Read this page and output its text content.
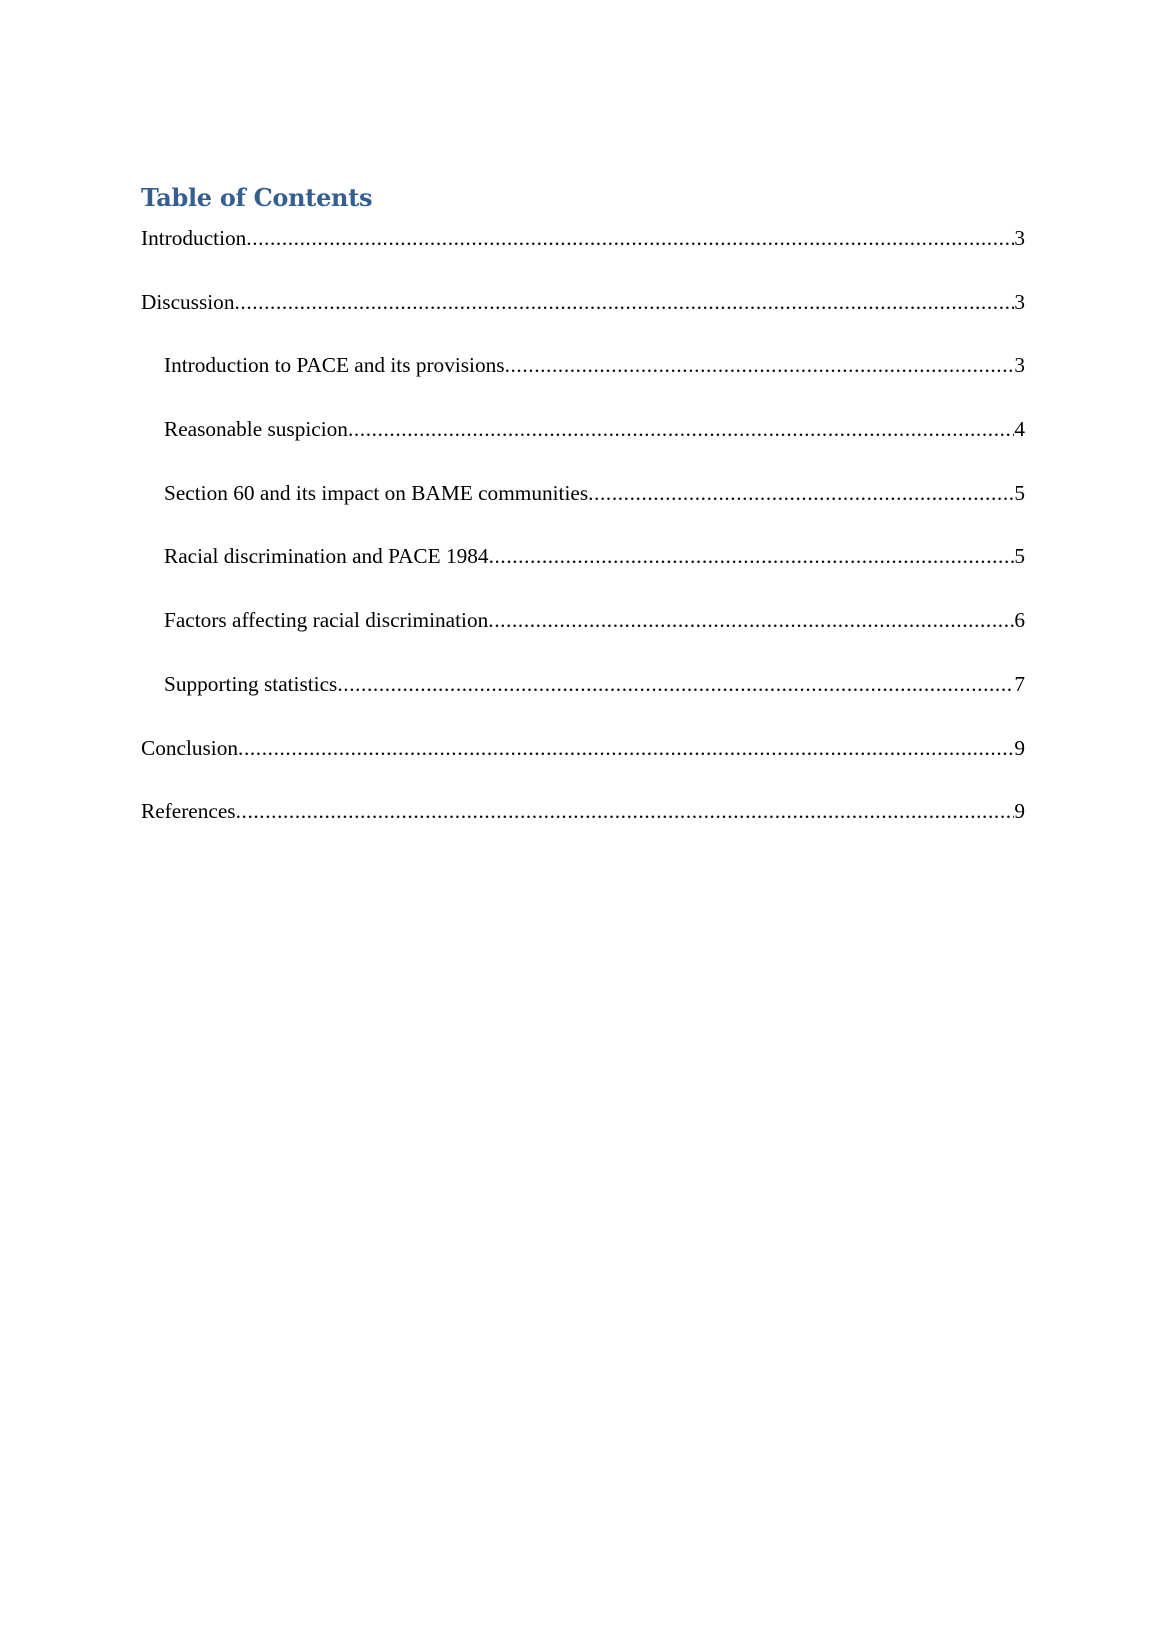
Table of Contents
Introduction .....	3
Discussion .....	3
Introduction to PACE and its provisions .....	3
Reasonable suspicion .....	4
Section 60 and its impact on BAME communities .....	5
Racial discrimination and PACE 1984 .....	5
Factors affecting racial discrimination .....	6
Supporting statistics .....	7
Conclusion .....	9
References .....	9
